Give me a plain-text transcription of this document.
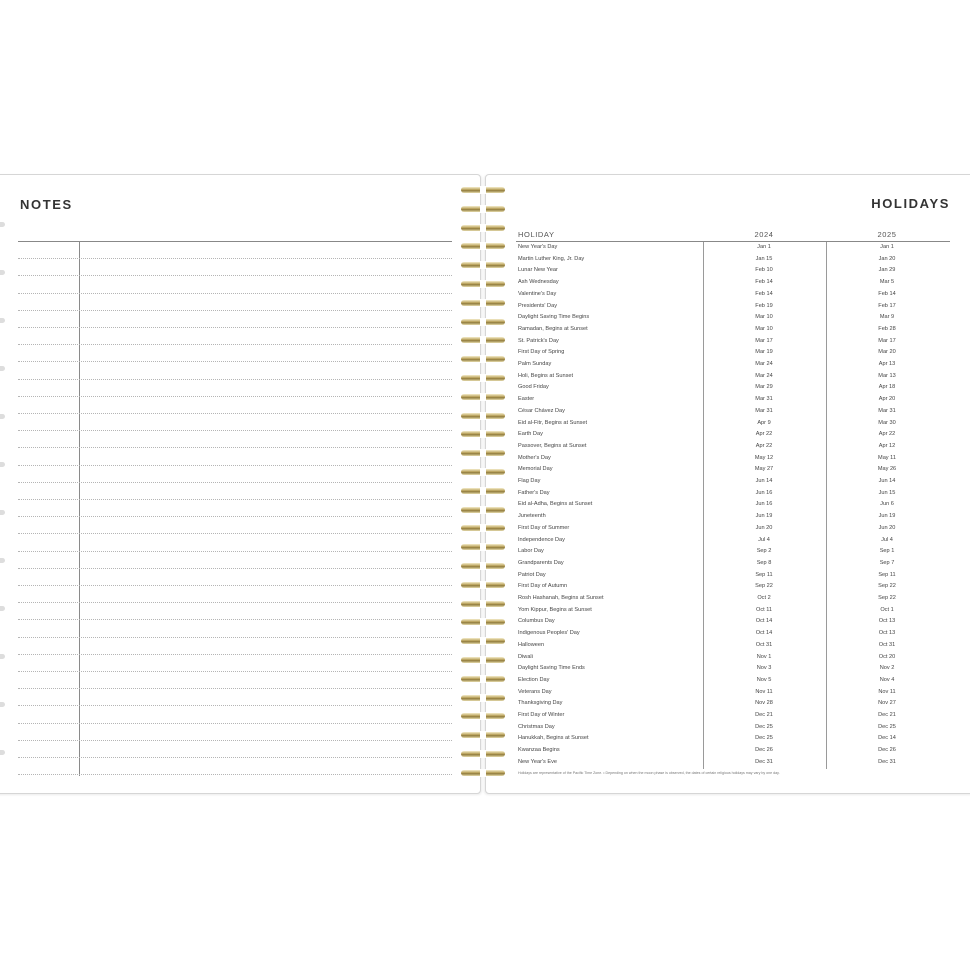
NOTES	HOLIDAYS
HOLIDAY	2024	2025
New Year's Day	Jan 1	Jan 1
Martin Luther King, Jr. Day	Jan 15	Jan 20
Lunar New Year	Feb 10	Jan 29
Ash Wednesday	Feb 14	Mar 5
Valentine's Day	Feb 14	Feb 14
Presidents' Day	Feb 19	Feb 17
Daylight Saving Time Begins	Mar 10	Mar 9
Ramadan, Begins at Sunset	Mar 10	Feb 28
St. Patrick's Day	Mar 17	Mar 17
First Day of Spring	Mar 19	Mar 20
Palm Sunday	Mar 24	Apr 13
Holi, Begins at Sunset	Mar 24	Mar 13
Good Friday	Mar 29	Apr 18
Easter	Mar 31	Apr 20
César Chávez Day	Mar 31	Mar 31
Eid al-Fitr, Begins at Sunset	Apr 9	Mar 30
Earth Day	Apr 22	Apr 22
Passover, Begins at Sunset	Apr 22	Apr 12
Mother's Day	May 12	May 11
Memorial Day	May 27	May 26
Flag Day	Jun 14	Jun 14
Father's Day	Jun 16	Jun 15
Eid al-Adha, Begins at Sunset	Jun 16	Jun 6
Juneteenth	Jun 19	Jun 19
First Day of Summer	Jun 20	Jun 20
Independence Day	Jul 4	Jul 4
Labor Day	Sep 2	Sep 1
Grandparents Day	Sep 8	Sep 7
Patriot Day	Sep 11	Sep 11
First Day of Autumn	Sep 22	Sep 22
Rosh Hashanah, Begins at Sunset	Oct 2	Sep 22
Yom Kippur, Begins at Sunset	Oct 11	Oct 1
Columbus Day	Oct 14	Oct 13
Indigenous Peoples' Day	Oct 14	Oct 13
Halloween	Oct 31	Oct 31
Diwali	Nov 1	Oct 20
Daylight Saving Time Ends	Nov 3	Nov 2
Election Day	Nov 5	Nov 4
Veterans Day	Nov 11	Nov 11
Thanksgiving Day	Nov 28	Nov 27
First Day of Winter	Dec 21	Dec 21
Christmas Day	Dec 25	Dec 25
Hanukkah, Begins at Sunset	Dec 25	Dec 14
Kwanzaa Begins	Dec 26	Dec 26
New Year's Eve	Dec 31	Dec 31
Holidays are representative of the Pacific Time Zone. • Depending on when the moon phase is observed, the dates of certain religious holidays may vary by one day.
